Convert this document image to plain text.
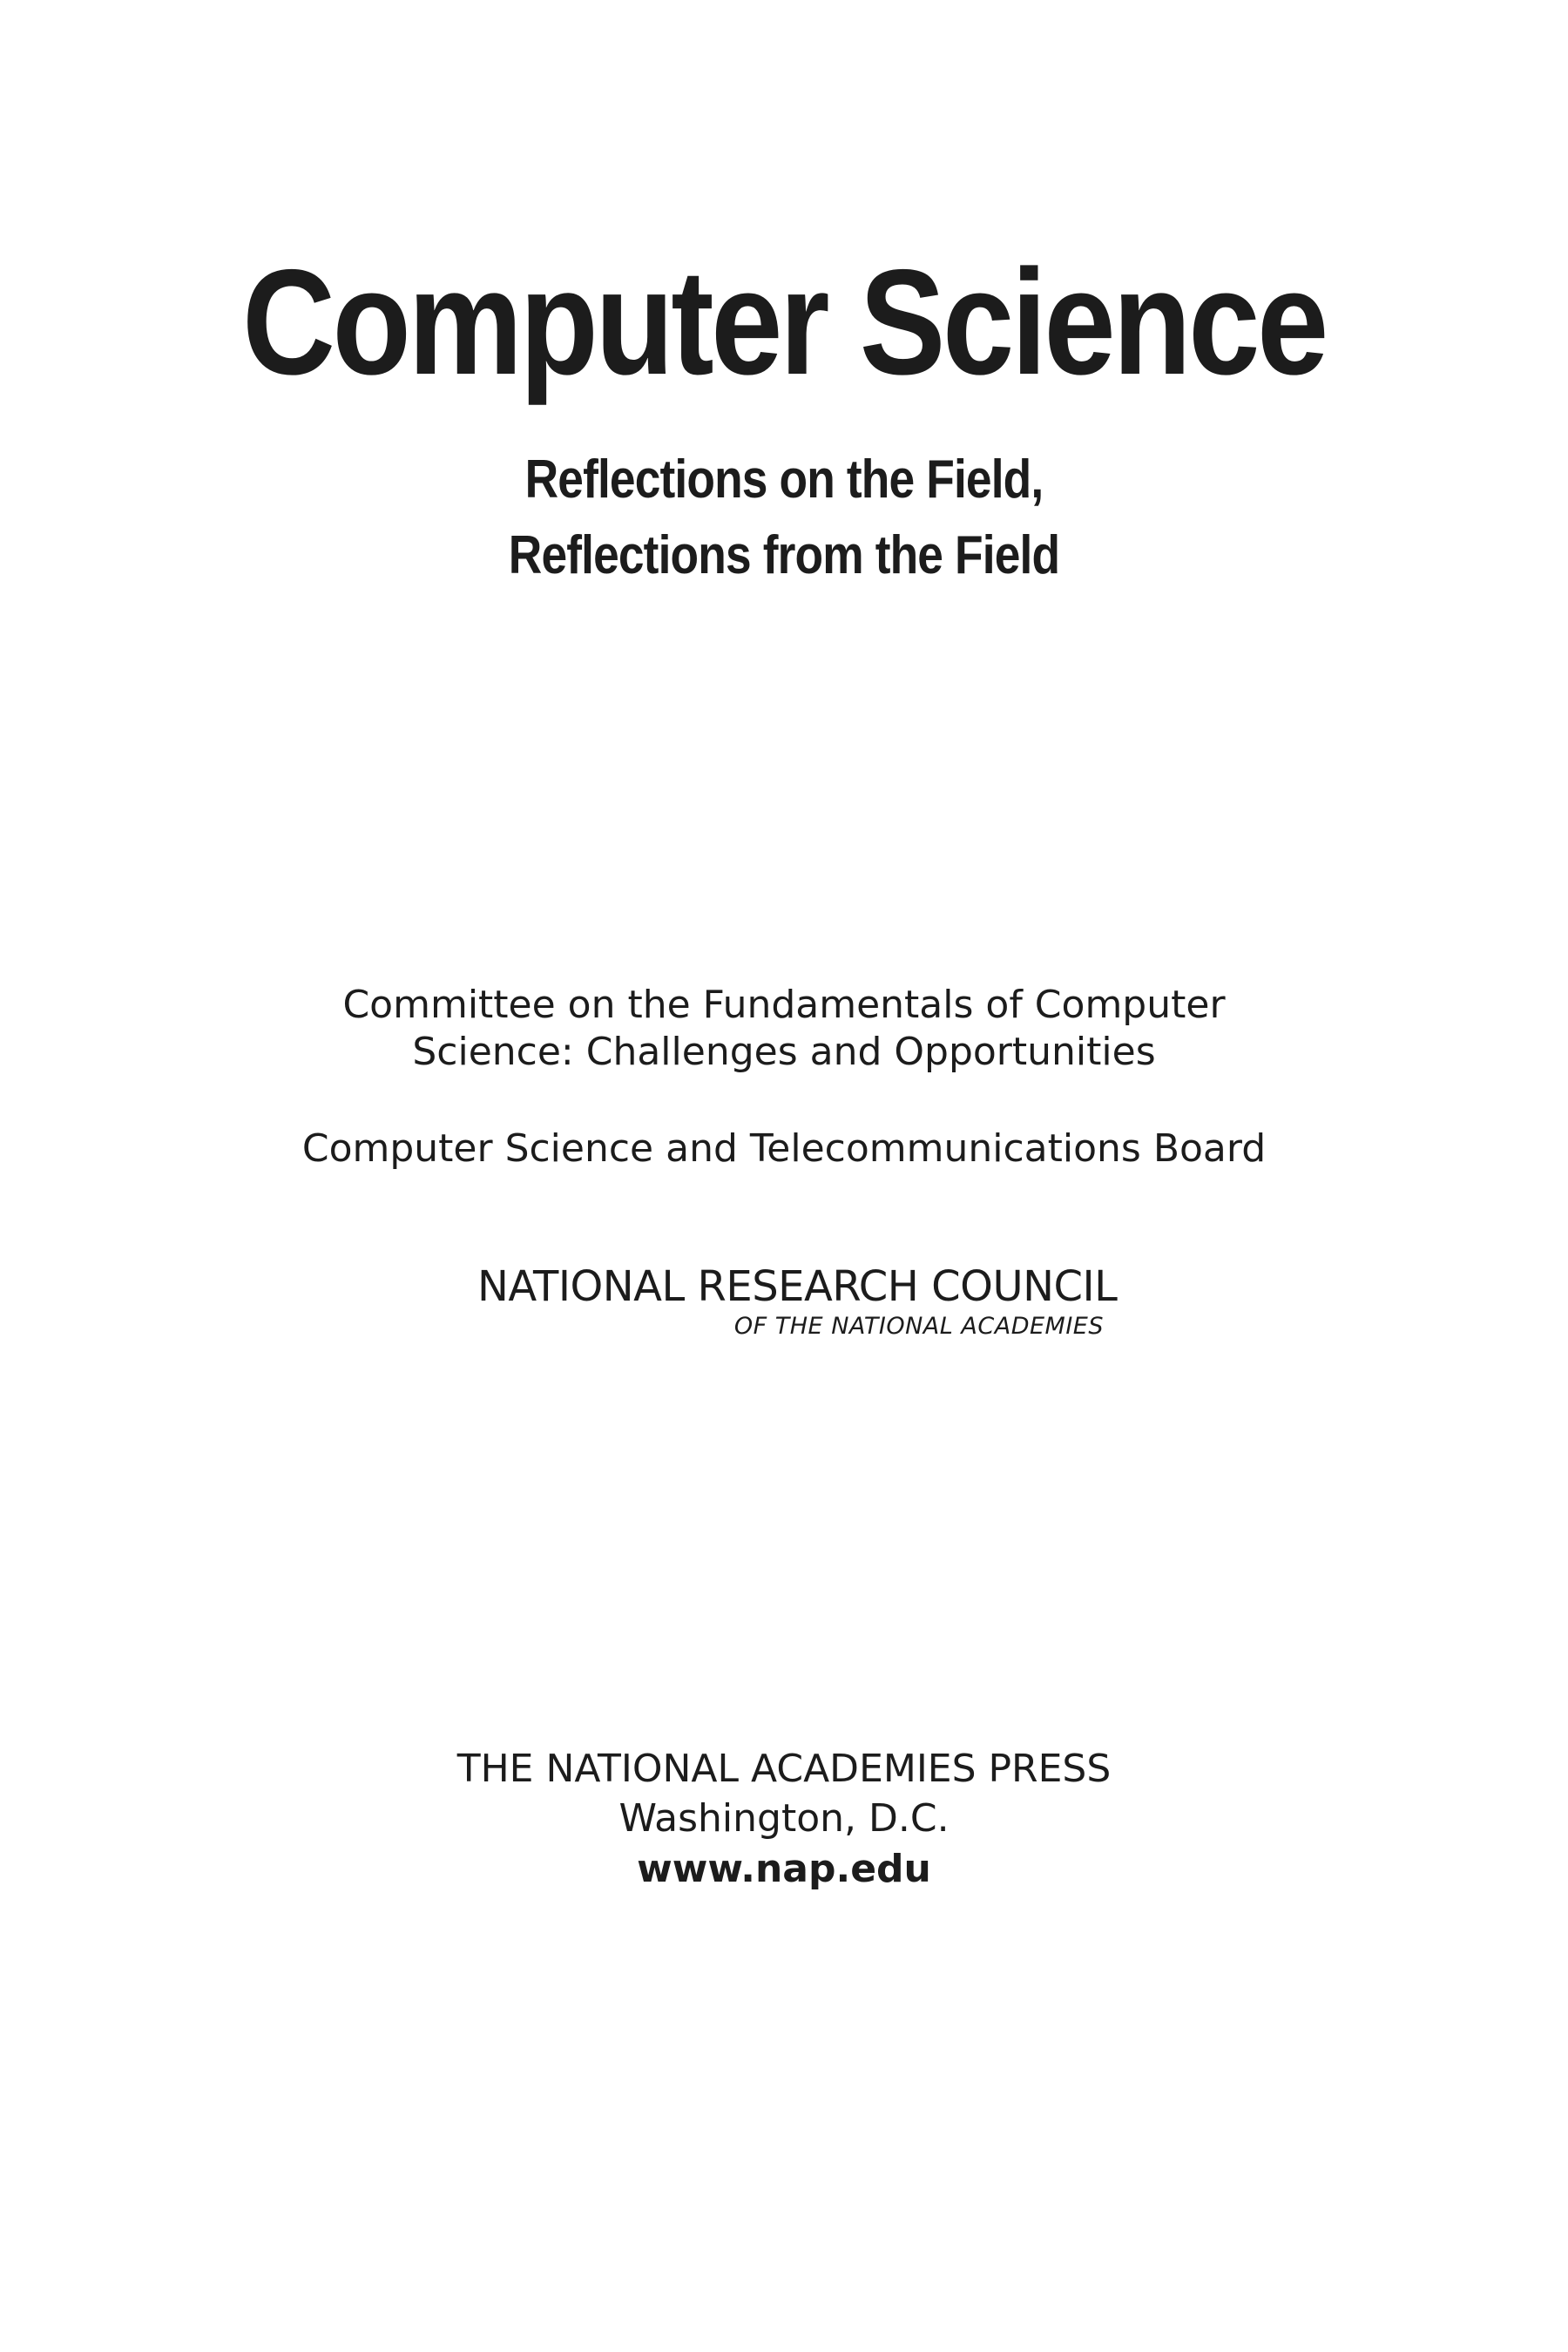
Computer Science
Reflections on the Field,
Reflections from the Field
Committee on the Fundamentals of Computer
Science: Challenges and Opportunities
Computer Science and Telecommunications Board
NATIONAL RESEARCH COUNCIL
OF THE NATIONAL ACADEMIES
THE NATIONAL ACADEMIES PRESS
Washington, D.C.
www.nap.edu
